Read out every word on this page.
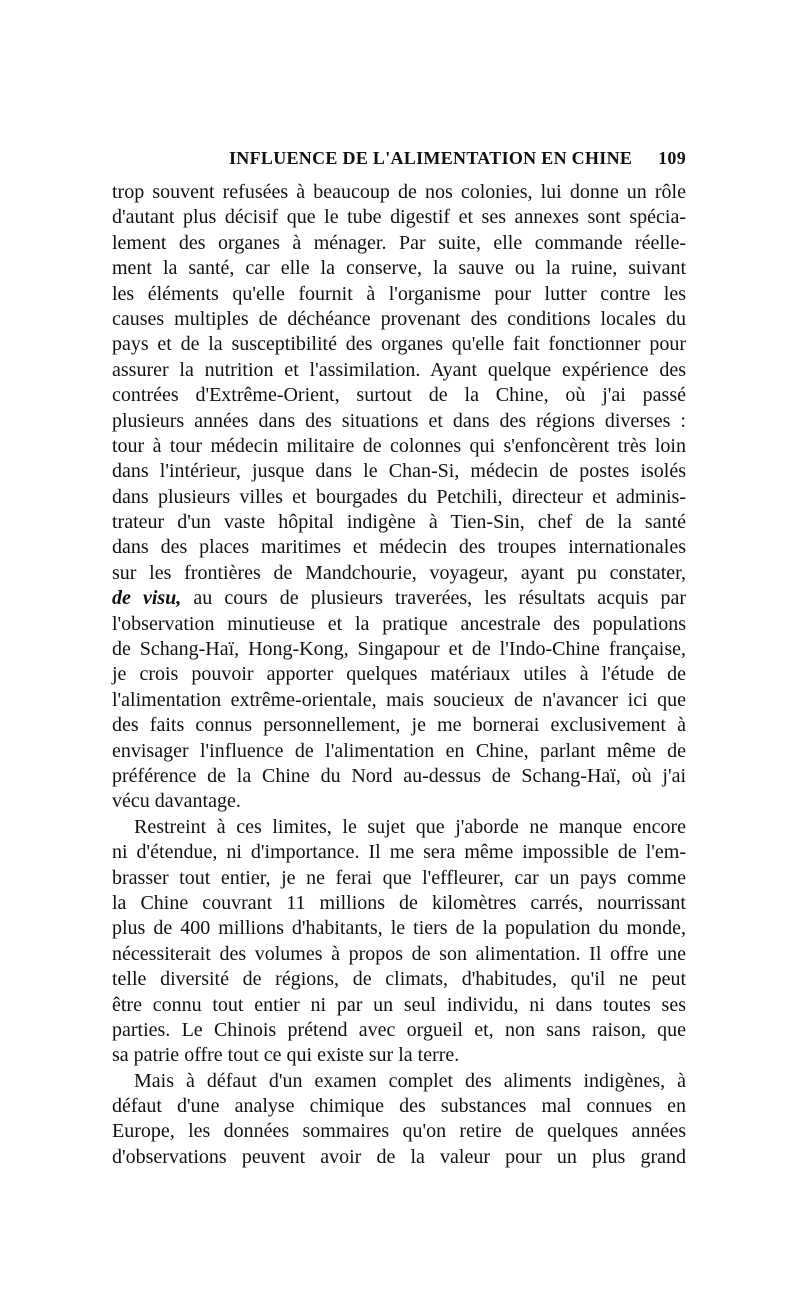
INFLUENCE DE L'ALIMENTATION EN CHINE 109

trop souvent refusées à beaucoup de nos colonies, lui donne un rôle
d'autant plus décisif que le tube digestif et ses annexes sont spécia-
lement des organes à ménager. Par suite, elle commande réelle-
ment la santé, car elle la conserve, la sauve ou la ruine, suivant
les éléments qu'elle fournit à l'organisme pour lutter contre les
causes multiples de déchéance provenant des conditions locales du
pays et de la susceptibilité des organes qu'elle fait fonctionner pour
assurer la nutrition et l'assimilation. Ayant quelque expérience des
contrées d'Extrême-Orient, surtout de la Chine, où j'ai passé
plusieurs années dans des situations et dans des régions diverses :
tour à tour médecin militaire de colonnes qui s'enfoncèrent très loin
dans l'intérieur, jusque dans le Chan-Si, médecin de postes isolés
dans plusieurs villes et bourgades du Petchili, directeur et adminis-
trateur d'un vaste hôpital indigène à Tien-Sin, chef de la santé
dans des places maritimes et médecin des troupes internationales
sur les frontières de Mandchourie, voyageur, ayant pu constater,
de visu, au cours de plusieurs traverées, les résultats acquis par
l'observation minutieuse et la pratique ancestrale des populations
de Schang-Haï, Hong-Kong, Singapour et de l'Indo-Chine française,
je crois pouvoir apporter quelques matériaux utiles à l'étude de
l'alimentation extrême-orientale, mais soucieux de n'avancer ici que
des faits connus personnellement, je me bornerai exclusivement à
envisager l'influence de l'alimentation en Chine, parlant même de
préférence de la Chine du Nord au-dessus de Schang-Haï, où j'ai
vécu davantage.

Restreint à ces limites, le sujet que j'aborde ne manque encore
ni d'étendue, ni d'importance. Il me sera même impossible de l'em-
brasser tout entier, je ne ferai que l'effleurer, car un pays comme
la Chine couvrant 11 millions de kilomètres carrés, nourrissant
plus de 400 millions d'habitants, le tiers de la population du monde,
nécessiterait des volumes à propos de son alimentation. Il offre une
telle diversité de régions, de climats, d'habitudes, qu'il ne peut
être connu tout entier ni par un seul individu, ni dans toutes ses
parties. Le Chinois prétend avec orgueil et, non sans raison, que
sa patrie offre tout ce qui existe sur la terre.

Mais à défaut d'un examen complet des aliments indigènes, à
défaut d'une analyse chimique des substances mal connues en
Europe, les données sommaires qu'on retire de quelques années
d'observations peuvent avoir de la valeur pour un plus grand
